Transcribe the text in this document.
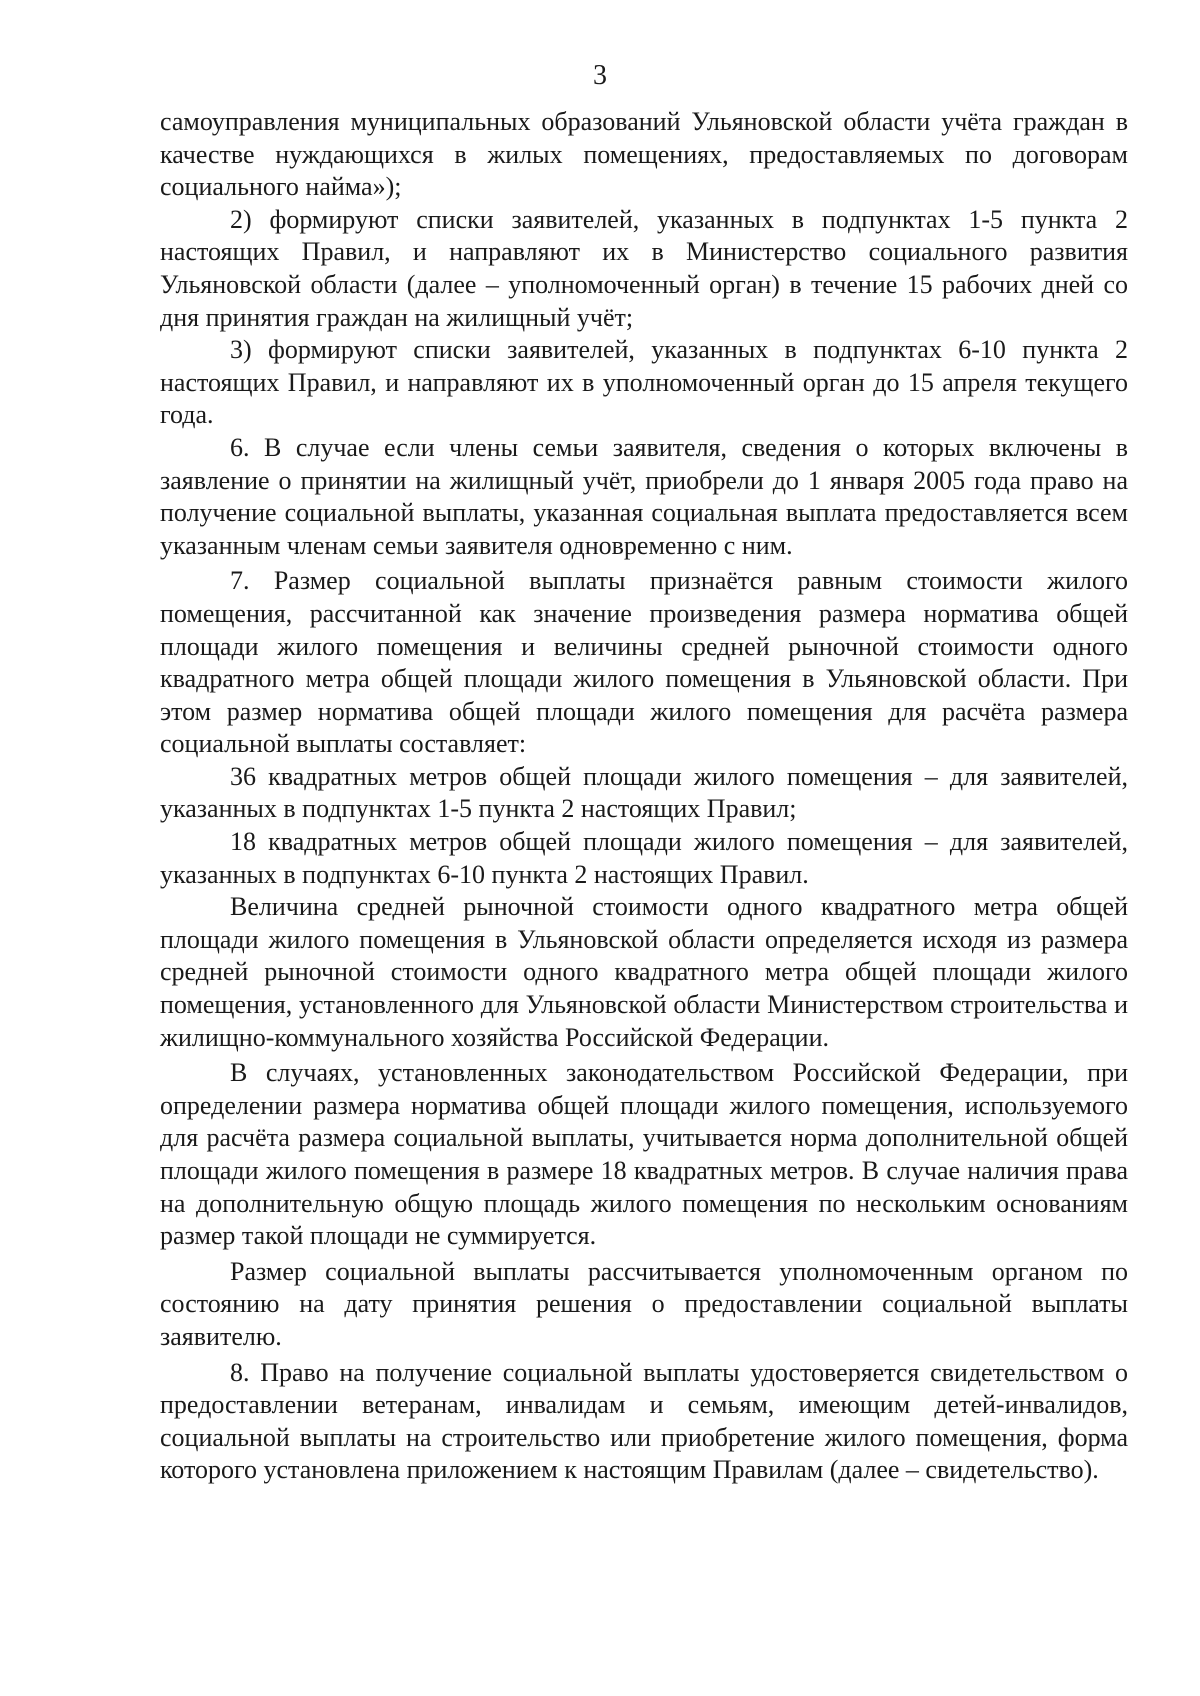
3

самоуправления муниципальных образований Ульяновской области учёта граждан в качестве нуждающихся в жилых помещениях, предоставляемых по договорам социального найма»);

2) формируют списки заявителей, указанных в подпунктах 1-5 пункта 2 настоящих Правил, и направляют их в Министерство социального развития Ульяновской области (далее – уполномоченный орган) в течение 15 рабочих дней со дня принятия граждан на жилищный учёт;

3) формируют списки заявителей, указанных в подпунктах 6-10 пункта 2 настоящих Правил, и направляют их в уполномоченный орган до 15 апреля текущего года.

6. В случае если члены семьи заявителя, сведения о которых включены в заявление о принятии на жилищный учёт, приобрели до 1 января 2005 года право на получение социальной выплаты, указанная социальная выплата предоставляется всем указанным членам семьи заявителя одновременно с ним.

7. Размер социальной выплаты признаётся равным стоимости жилого помещения, рассчитанной как значение произведения размера норматива общей площади жилого помещения и величины средней рыночной стоимости одного квадратного метра общей площади жилого помещения в Ульяновской области. При этом размер норматива общей площади жилого помещения для расчёта размера социальной выплаты составляет:

36 квадратных метров общей площади жилого помещения – для заявителей, указанных в подпунктах 1-5 пункта 2 настоящих Правил;

18 квадратных метров общей площади жилого помещения – для заявителей, указанных в подпунктах 6-10 пункта 2 настоящих Правил.

Величина средней рыночной стоимости одного квадратного метра общей площади жилого помещения в Ульяновской области определяется исходя из размера средней рыночной стоимости одного квадратного метра общей площади жилого помещения, установленного для Ульяновской области Министерством строительства и жилищно-коммунального хозяйства Российской Федерации.

В случаях, установленных законодательством Российской Федерации, при определении размера норматива общей площади жилого помещения, используемого для расчёта размера социальной выплаты, учитывается норма дополнительной общей площади жилого помещения в размере 18 квадратных метров. В случае наличия права на дополнительную общую площадь жилого помещения по нескольким основаниям размер такой площади не суммируется.

Размер социальной выплаты рассчитывается уполномоченным органом по состоянию на дату принятия решения о предоставлении социальной выплаты заявителю.

8. Право на получение социальной выплаты удостоверяется свидетельством о предоставлении ветеранам, инвалидам и семьям, имеющим детей-инвалидов, социальной выплаты на строительство или приобретение жилого помещения, форма которого установлена приложением к настоящим Правилам (далее – свидетельство).
